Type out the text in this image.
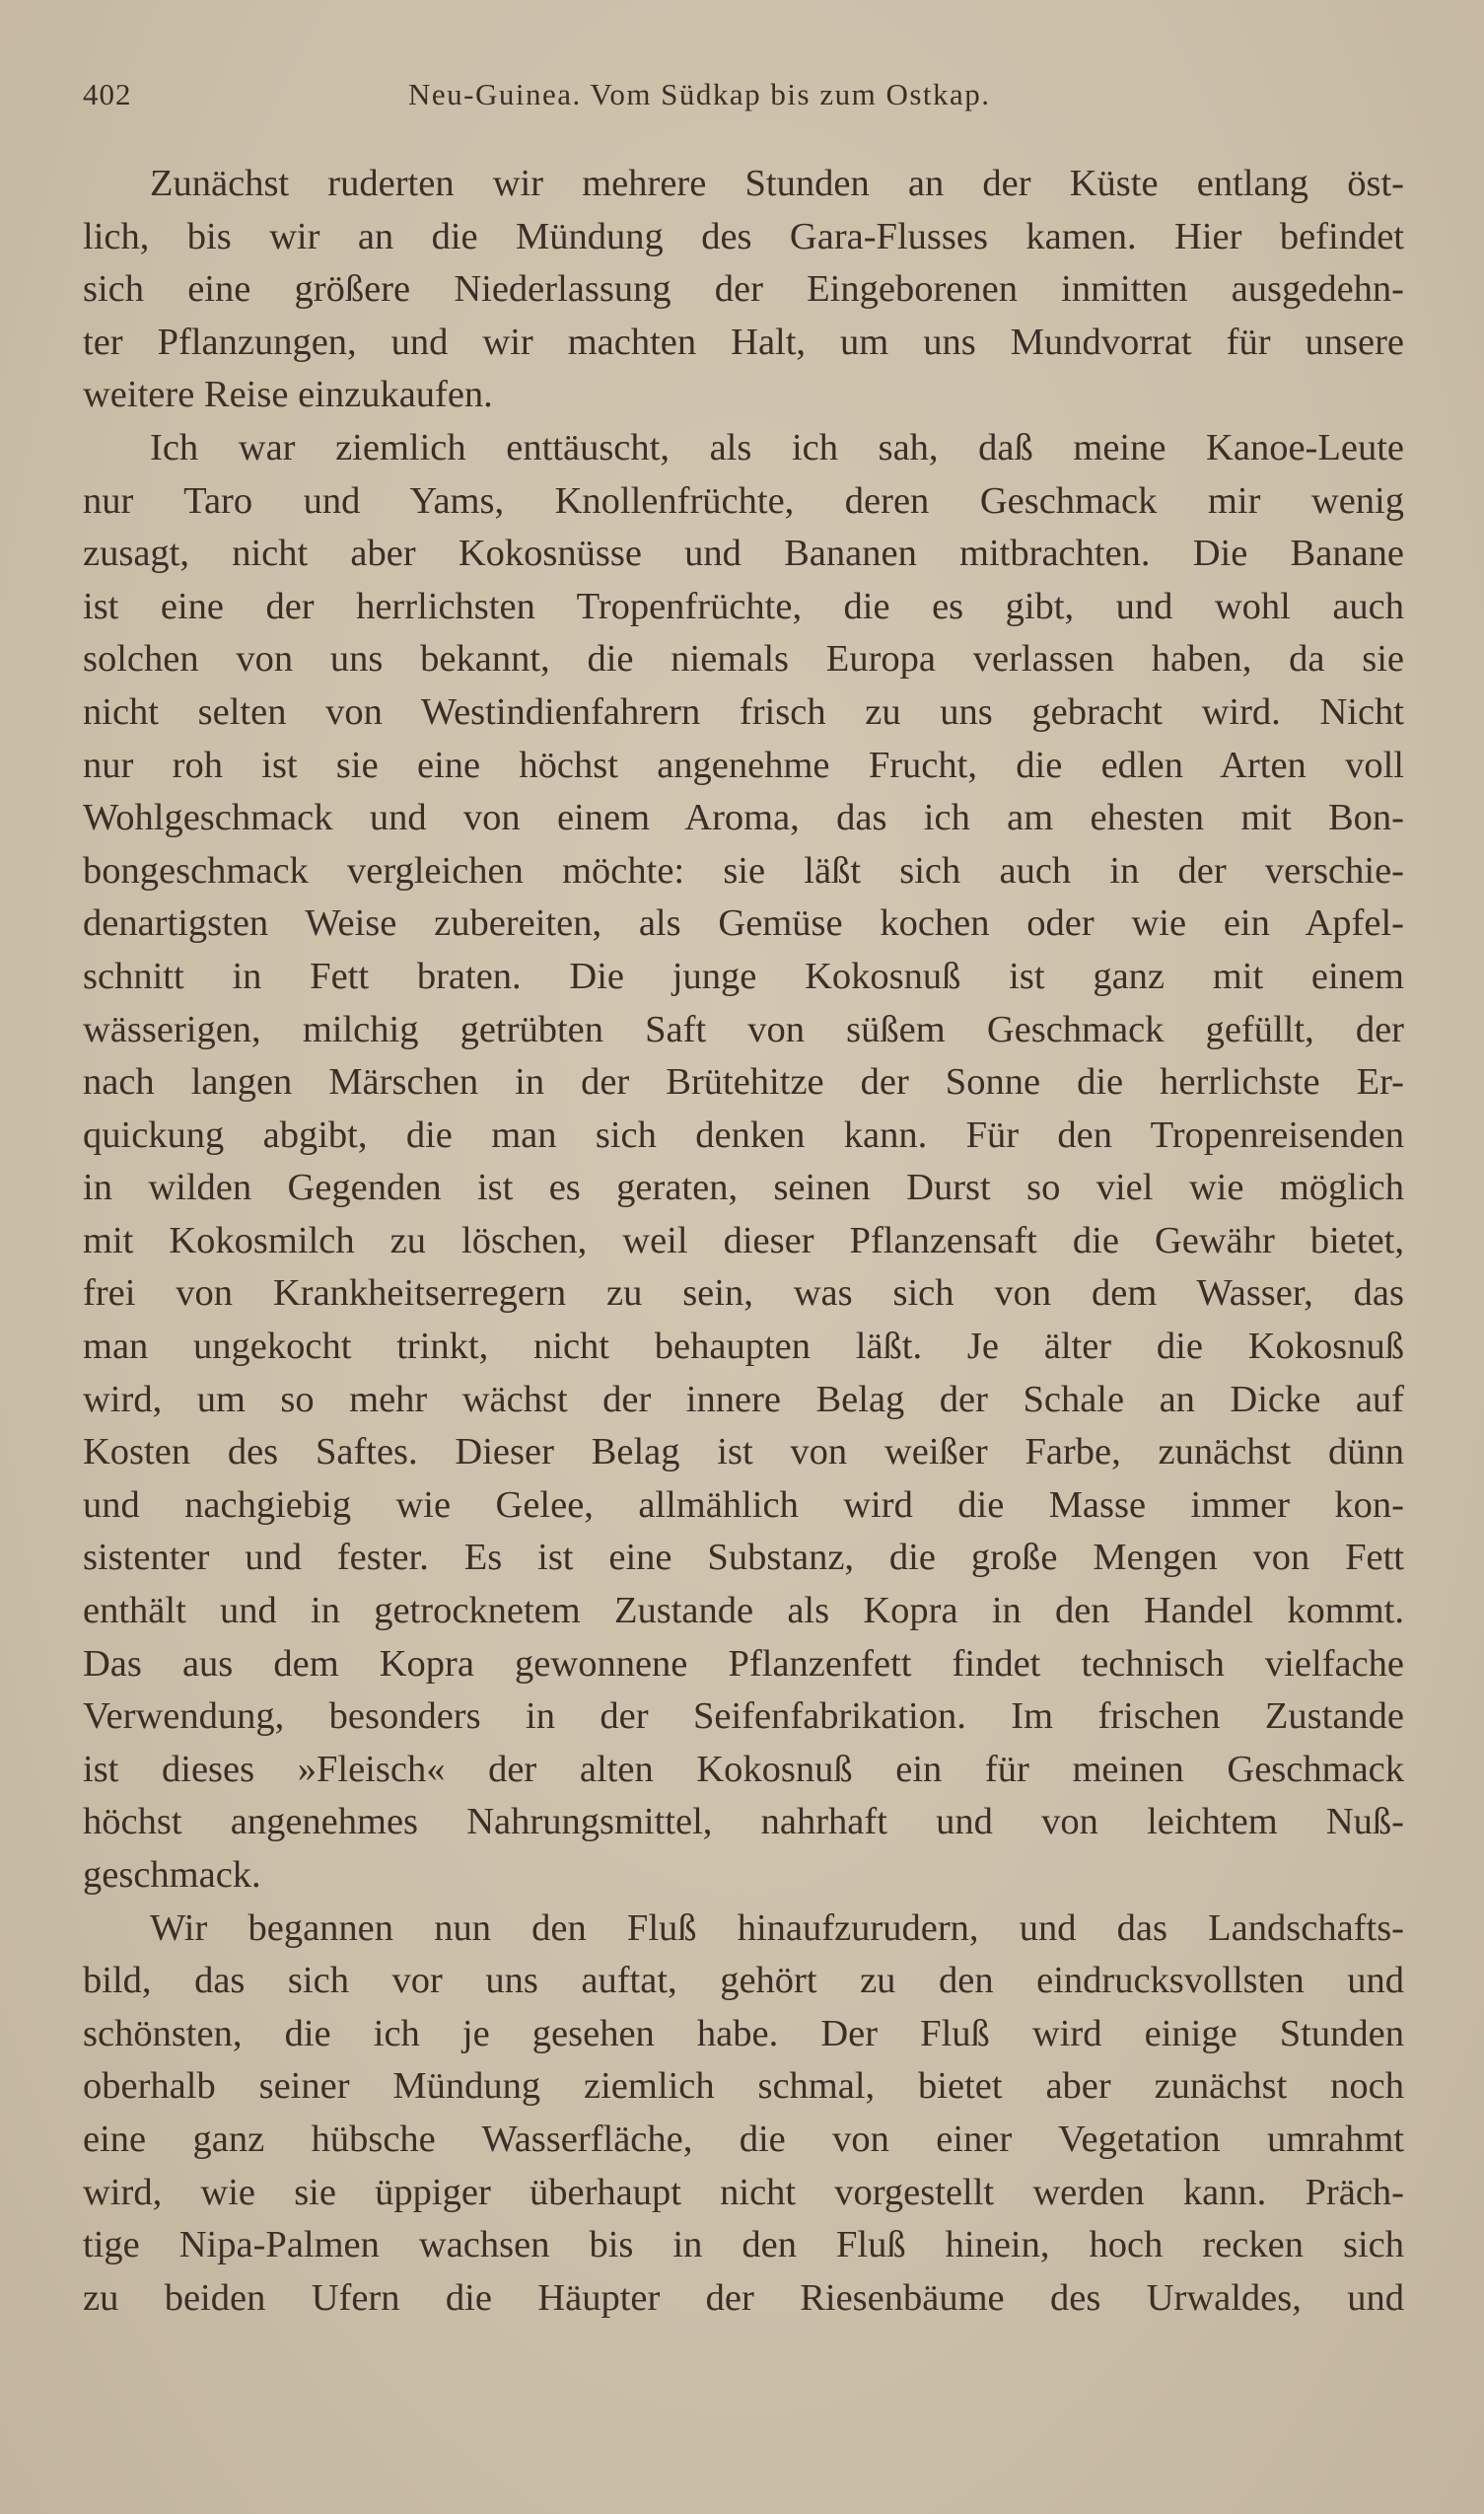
402	Neu-Guinea. Vom Südkap bis zum Ostkap.
Zunächst ruderten wir mehrere Stunden an der Küste entlang öst-
lich, bis wir an die Mündung des Gara-Flusses kamen. Hier befindet
sich eine größere Niederlassung der Eingeborenen inmitten ausgedehn-
ter Pflanzungen, und wir machten Halt, um uns Mundvorrat für unsere
weitere Reise einzukaufen.
Ich war ziemlich enttäuscht, als ich sah, daß meine Kanoe-Leute
nur Taro und Yams, Knollenfrüchte, deren Geschmack mir wenig
zusagt, nicht aber Kokosnüsse und Bananen mitbrachten. Die Banane
ist eine der herrlichsten Tropenfrüchte, die es gibt, und wohl auch
solchen von uns bekannt, die niemals Europa verlassen haben, da sie
nicht selten von Westindienfahrern frisch zu uns gebracht wird. Nicht
nur roh ist sie eine höchst angenehme Frucht, die edlen Arten voll
Wohlgeschmack und von einem Aroma, das ich am ehesten mit Bon-
bongeschmack vergleichen möchte: sie läßt sich auch in der verschie-
denartigsten Weise zubereiten, als Gemüse kochen oder wie ein Apfel-
schnitt in Fett braten. Die junge Kokosnuß ist ganz mit einem
wässerigen, milchig getrübten Saft von süßem Geschmack gefüllt, der
nach langen Märschen in der Brütehitze der Sonne die herrlichste Er-
quickung abgibt, die man sich denken kann. Für den Tropenreisenden
in wilden Gegenden ist es geraten, seinen Durst so viel wie möglich
mit Kokosmilch zu löschen, weil dieser Pflanzensaft die Gewähr bietet,
frei von Krankheitserregern zu sein, was sich von dem Wasser, das
man ungekocht trinkt, nicht behaupten läßt. Je älter die Kokosnuß
wird, um so mehr wächst der innere Belag der Schale an Dicke auf
Kosten des Saftes. Dieser Belag ist von weißer Farbe, zunächst dünn
und nachgiebig wie Gelee, allmählich wird die Masse immer kon-
sistenter und fester. Es ist eine Substanz, die große Mengen von Fett
enthält und in getrocknetem Zustande als Kopra in den Handel kommt.
Das aus dem Kopra gewonnene Pflanzenfett findet technisch vielfache
Verwendung, besonders in der Seifenfabrikation. Im frischen Zustande
ist dieses »Fleisch« der alten Kokosnuß ein für meinen Geschmack
höchst angenehmes Nahrungsmittel, nahrhaft und von leichtem Nuß-
geschmack.
Wir begannen nun den Fluß hinaufzurudern, und das Landschafts-
bild, das sich vor uns auftat, gehört zu den eindrucksvollsten und
schönsten, die ich je gesehen habe. Der Fluß wird einige Stunden
oberhalb seiner Mündung ziemlich schmal, bietet aber zunächst noch
eine ganz hübsche Wasserfläche, die von einer Vegetation umrahmt
wird, wie sie üppiger überhaupt nicht vorgestellt werden kann. Präch-
tige Nipa-Palmen wachsen bis in den Fluß hinein, hoch recken sich
zu beiden Ufern die Häupter der Riesenbäume des Urwaldes, und
